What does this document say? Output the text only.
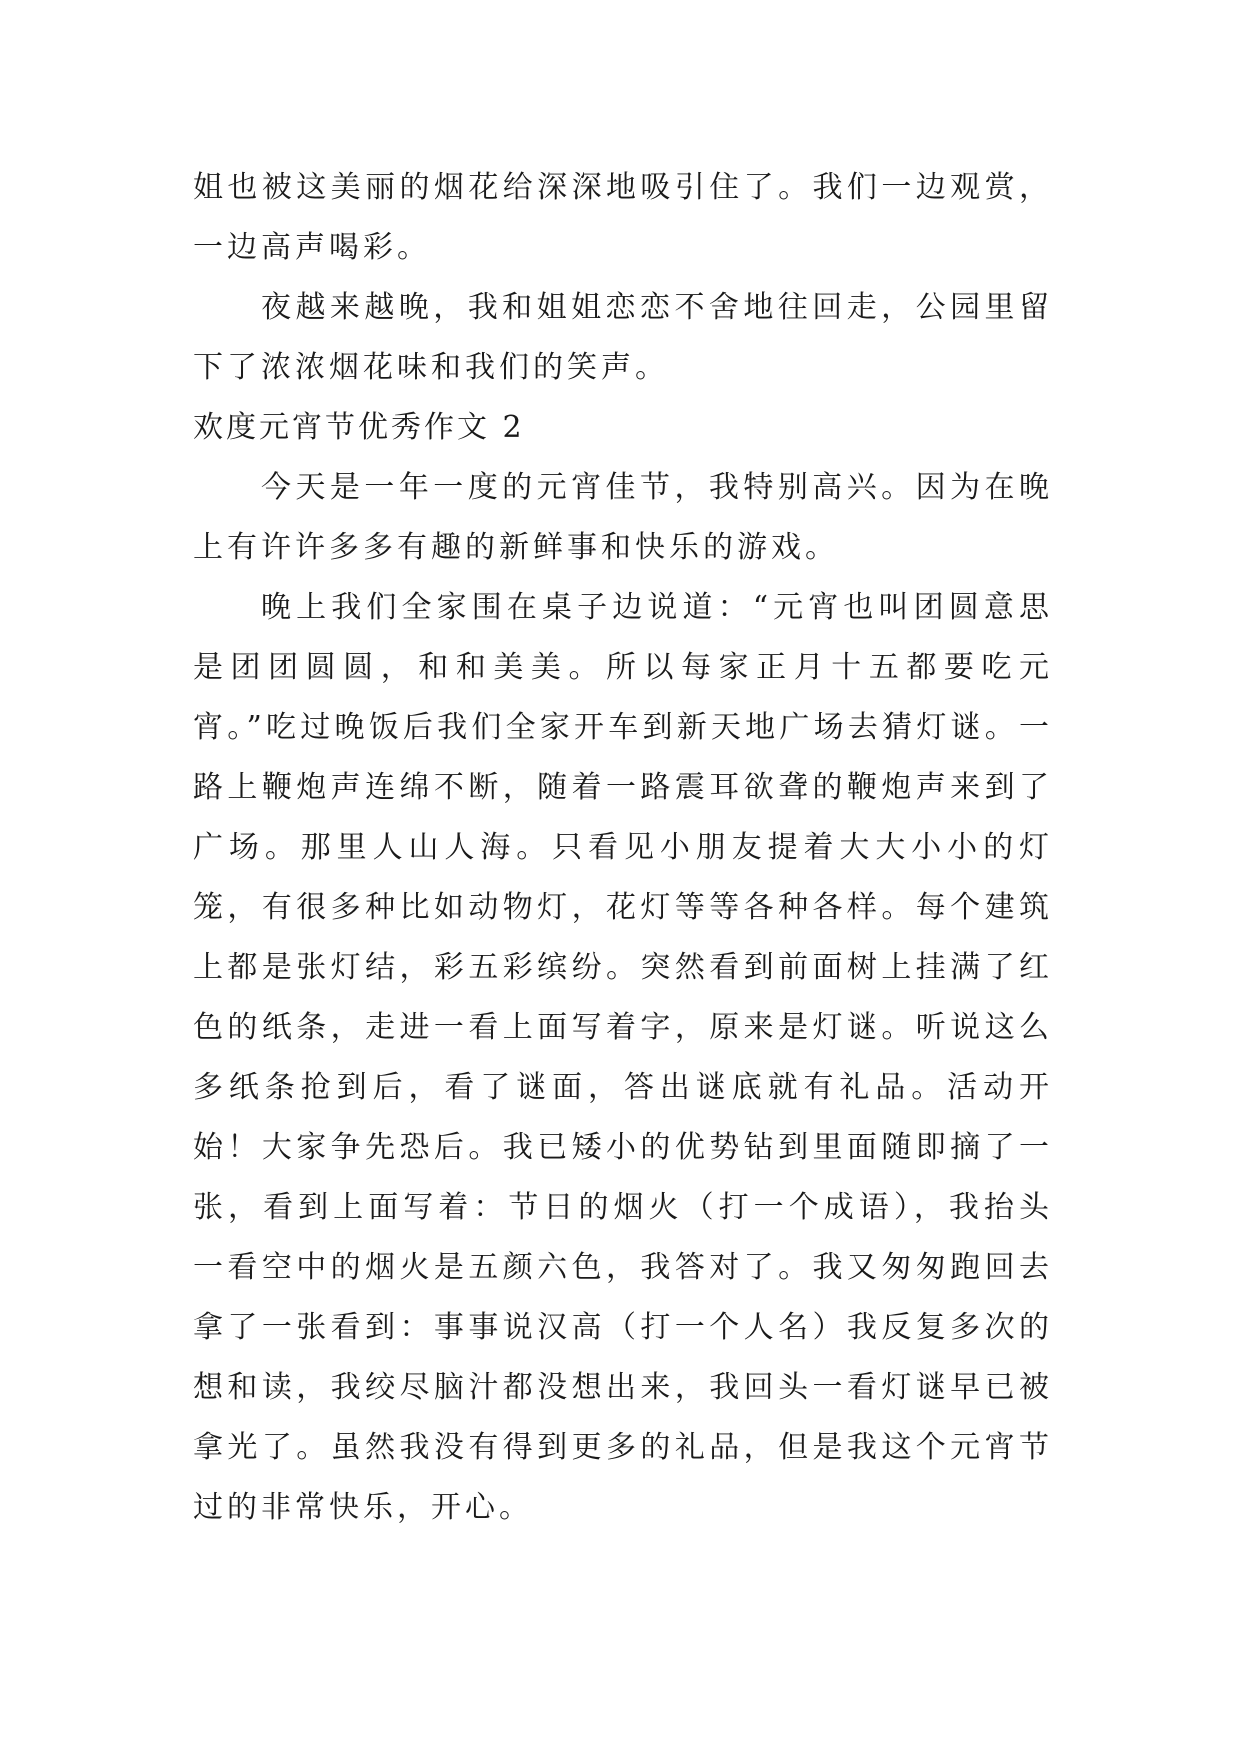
姐也被这美丽的烟花给深深地吸引住了。我们一边观赏，一边高声喝彩。

夜越来越晚，我和姐姐恋恋不舍地往回走，公园里留下了浓浓烟花味和我们的笑声。

欢度元宵节优秀作文 2

今天是一年一度的元宵佳节，我特别高兴。因为在晚上有许许多多有趣的新鲜事和快乐的游戏。

晚上我们全家围在桌子边说道：“元宵也叫团圆意思是团团圆圆，和和美美。所以每家正月十五都要吃元宵。”吃过晚饭后我们全家开车到新天地广场去猜灯谜。一路上鞭炮声连绵不断，随着一路震耳欲聋的鞭炮声来到了广场。那里人山人海。只看见小朋友提着大大小小的灯笼，有很多种比如动物灯，花灯等等各种各样。每个建筑上都是张灯结，彩五彩缤纷。突然看到前面树上挂满了红色的纸条，走进一看上面写着字，原来是灯谜。听说这么多纸条抢到后，看了谜面，答出谜底就有礼品。活动开始！大家争先恐后。我已矮小的优势钻到里面随即摘了一张，看到上面写着：节日的烟火（打一个成语），我抬头一看空中的烟火是五颜六色，我答对了。我又匆匆跑回去拿了一张看到：事事说汉高（打一个人名）我反复多次的想和读，我绞尽脑汁都没想出来，我回头一看灯谜早已被拿光了。虽然我没有得到更多的礼品，但是我这个元宵节过的非常快乐，开心。
